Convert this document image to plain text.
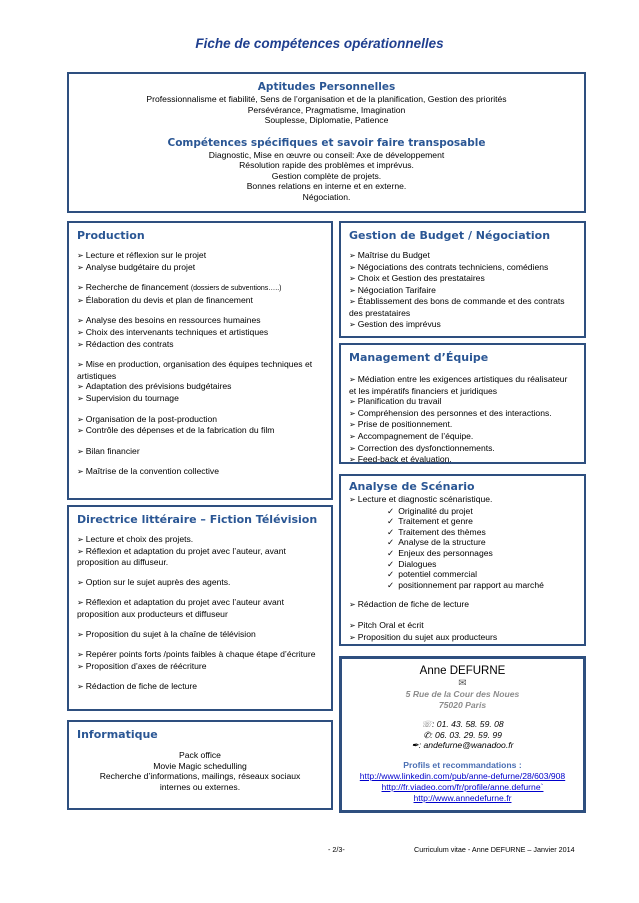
Fiche de compétences opérationnelles
Aptitudes Personnelles
Professionnalisme et fiabilité, Sens de l’organisation et de la planification, Gestion des priorités
Persévérance, Pragmatisme, Imagination
Souplesse, Diplomatie, Patience
Compétences spécifiques et savoir faire transposable
Diagnostic, Mise en œuvre ou conseil: Axe de développement
Résolution rapide des problèmes et imprévus.
Gestion complète de projets.
Bonnes relations en interne et en externe.
Négociation.
Production
➢ Lecture et réflexion sur le projet
➢ Analyse budgétaire du projet
➢ Recherche de financement (dossiers de subventions…..)
➢ Élaboration du devis et plan de financement
➢ Analyse des besoins en ressources humaines
➢ Choix des intervenants techniques et artistiques
➢ Rédaction des contrats
➢ Mise en production, organisation des équipes techniques et artistiques
➢ Adaptation des prévisions budgétaires
➢ Supervision du tournage
➢ Organisation de la post-production
➢ Contrôle des dépenses et de la fabrication du film
➢ Bilan financier
➢ Maîtrise de la convention collective
Gestion de Budget / Négociation
➢ Maîtrise du Budget
➢ Négociations des contrats techniciens, comédiens
➢ Choix et Gestion des prestataires
➢ Négociation Tarifaire
➢ Établissement des bons de commande et des contrats des prestataires
➢ Gestion des imprévus
Management d’Équipe
➢ Médiation entre les exigences artistiques du réalisateur et les impératifs financiers et juridiques
➢ Planification du travail
➢ Compréhension des personnes et des interactions.
➢ Prise de positionnement.
➢ Accompagnement de l’équipe.
➢ Correction des dysfonctionnements.
➢ Feed-back et évaluation.
Analyse de Scénario
➢ Lecture et diagnostic scénaristique.
✓ Originalité du projet
✓ Traitement et genre
✓ Traitement des thèmes
✓ Analyse de la structure
✓ Enjeux des personnages
✓ Dialogues
✓ potentiel commercial
✓ positionnement par rapport au marché
➢ Rédaction de fiche de lecture
➢ Pitch Oral et écrit
➢ Proposition du sujet aux producteurs
Directrice littéraire – Fiction Télévision
➢ Lecture et choix des projets.
➢ Réflexion et adaptation du projet avec l’auteur, avant proposition au diffuseur.
➢ Option sur le sujet auprès des agents.
➢ Réflexion et adaptation du projet avec l’auteur avant proposition aux producteurs et diffuseur
➢ Proposition du sujet à la chaîne de télévision
➢ Repérer points forts /points faibles à chaque étape d’écriture
➢ Proposition d’axes de réécriture
➢ Rédaction de fiche de lecture
Informatique
Pack office
Movie Magic schedulling
Recherche d’informations, mailings, réseaux sociaux internes ou externes.
Anne DEFURNE
✉
5 Rue de la Cour des Noues
75020 Paris
☏: 01. 43. 58. 59. 08
✆: 06. 03. 29. 59. 99
✒: andefurne@wanadoo.fr
Profils et recommandations :
http://www.linkedin.com/pub/anne-defurne/28/603/908
http://fr.viadeo.com/fr/profile/anne.defurne`
http://www.annedefurne.fr
- 2/3-	Curriculum vitae - Anne DEFURNE – Janvier 2014
